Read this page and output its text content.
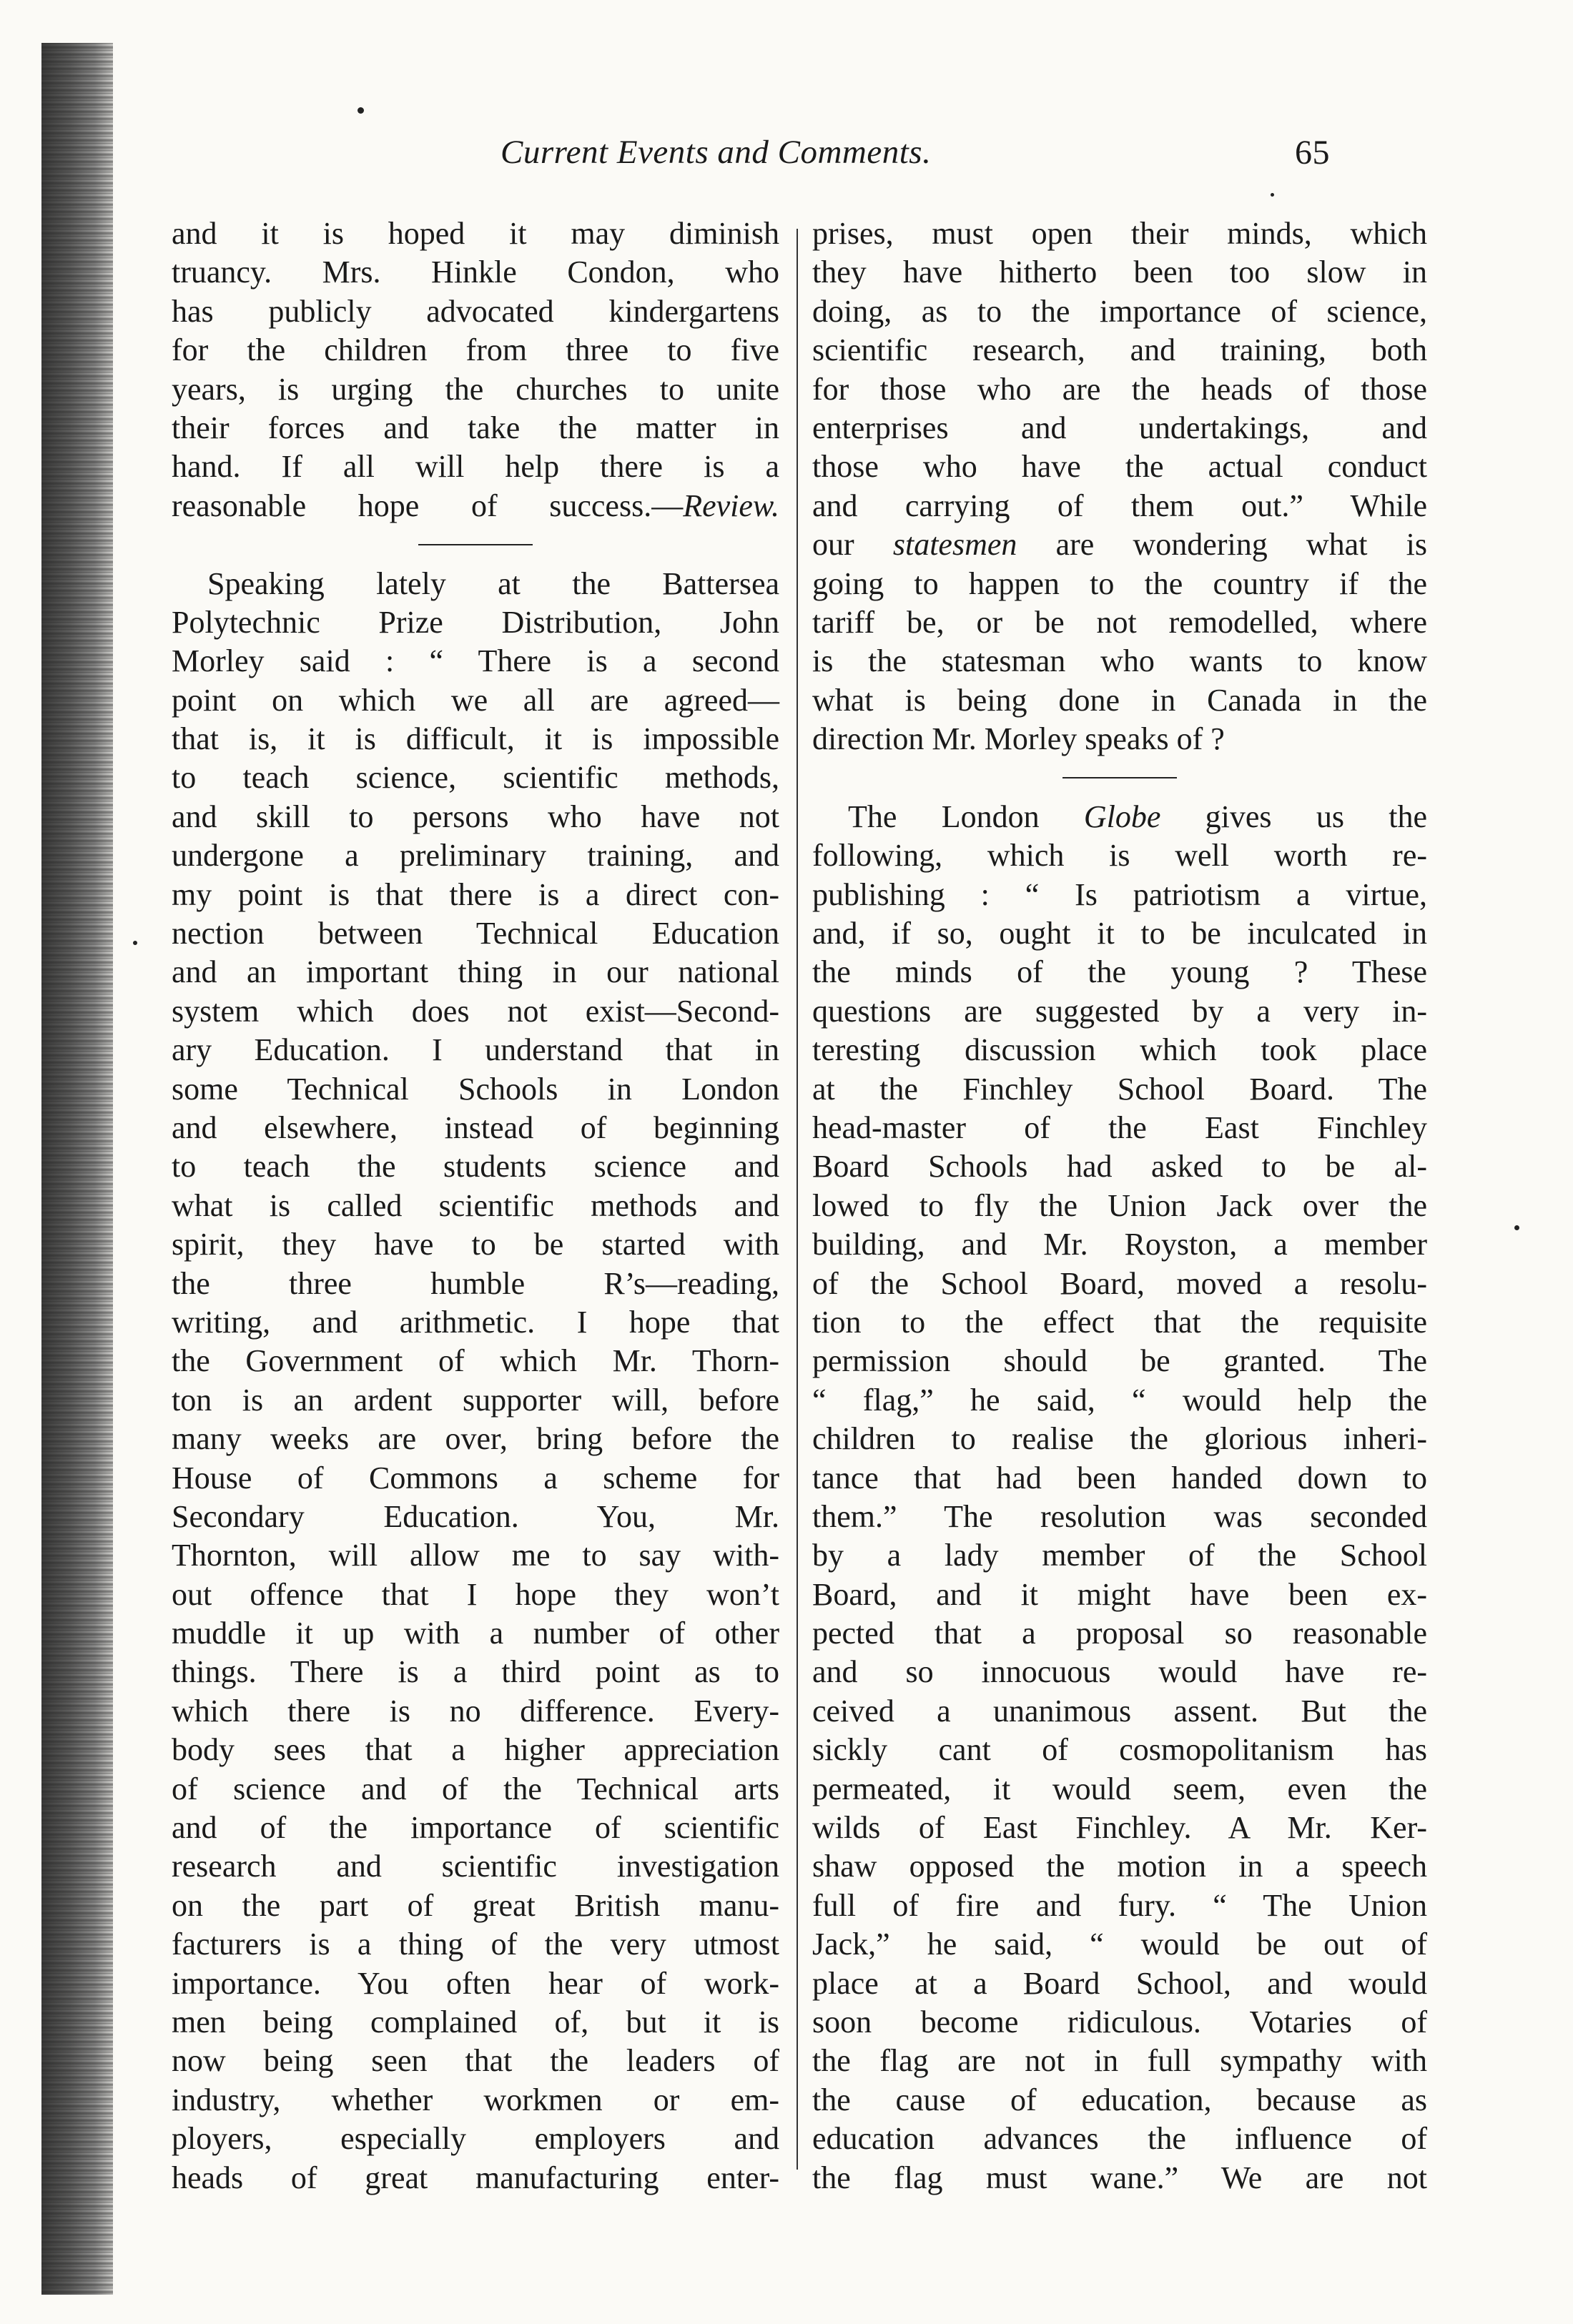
Current Events and Comments.	65
and it is hoped it may diminish
truancy. Mrs. Hinkle Condon, who
has publicly advocated kindergartens
for the children from three to five
years, is urging the churches to unite
their forces and take the matter in
hand. If all will help there is a
reasonable hope of success.—Review.
Speaking lately at the Battersea
Polytechnic Prize Distribution, John
Morley said : “ There is a second
point on which we all are agreed—
that is, it is difficult, it is impossible
to teach science, scientific methods,
and skill to persons who have not
undergone a preliminary training, and
my point is that there is a direct con-
nection between Technical Education
and an important thing in our national
system which does not exist—Second-
ary Education. I understand that in
some Technical Schools in London
and elsewhere, instead of beginning
to teach the students science and
what is called scientific methods and
spirit, they have to be started with
the three humble R’s—reading,
writing, and arithmetic. I hope that
the Government of which Mr. Thorn-
ton is an ardent supporter will, before
many weeks are over, bring before the
House of Commons a scheme for
Secondary Education. You, Mr.
Thornton, will allow me to say with-
out offence that I hope they won’t
muddle it up with a number of other
things. There is a third point as to
which there is no difference. Every-
body sees that a higher appreciation
of science and of the Technical arts
and of the importance of scientific
research and scientific investigation
on the part of great British manu-
facturers is a thing of the very utmost
importance. You often hear of work-
men being complained of, but it is
now being seen that the leaders of
industry, whether workmen or em-
ployers, especially employers and
heads of great manufacturing enter-
prises, must open their minds, which
they have hitherto been too slow in
doing, as to the importance of science,
scientific research, and training, both
for those who are the heads of those
enterprises and undertakings, and
those who have the actual conduct
and carrying of them out.” While
our statesmen are wondering what is
going to happen to the country if the
tariff be, or be not remodelled, where
is the statesman who wants to know
what is being done in Canada in the
direction Mr. Morley speaks of ?
The London Globe gives us the
following, which is well worth re-
publishing : “ Is patriotism a virtue,
and, if so, ought it to be inculcated in
the minds of the young ? These
questions are suggested by a very in-
teresting discussion which took place
at the Finchley School Board. The
head-master of the East Finchley
Board Schools had asked to be al-
lowed to fly the Union Jack over the
building, and Mr. Royston, a member
of the School Board, moved a resolu-
tion to the effect that the requisite
permission should be granted. The
“ flag,” he said, “ would help the
children to realise the glorious inheri-
tance that had been handed down to
them.” The resolution was seconded
by a lady member of the School
Board, and it might have been ex-
pected that a proposal so reasonable
and so innocuous would have re-
ceived a unanimous assent. But the
sickly cant of cosmopolitanism has
permeated, it would seem, even the
wilds of East Finchley. A Mr. Ker-
shaw opposed the motion in a speech
full of fire and fury. “ The Union
Jack,” he said, “ would be out of
place at a Board School, and would
soon become ridiculous. Votaries of
the flag are not in full sympathy with
the cause of education, because as
education advances the influence of
the flag must wane.” We are not
